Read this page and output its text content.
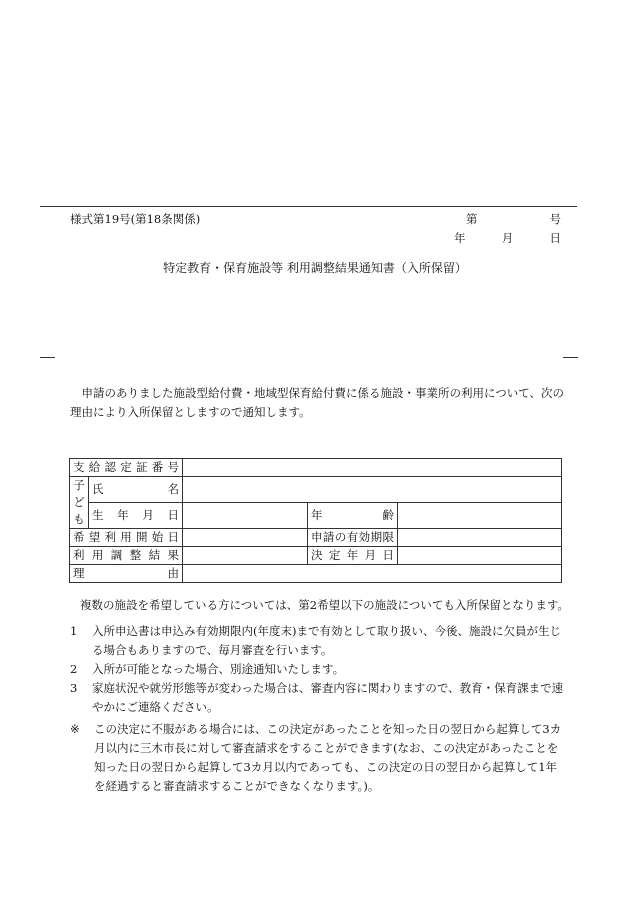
様式第19号(第18条関係)	第	号
年	月	日
特定教育・保育施設等 利用調整結果通知書（入所保留）

申請のありました施設型給付費・地域型保育給付費に係る施設・事業所の利用について、次の

理由により入所保留としますので通知します。

支給認定証番号				

子
ど
も	氏　　名			
	生　年　月　日		年　齢	
希望利用開始日			申請の有効期限	
利用調整結果			決定年月日	

理 由				

複数の施設を希望している方については、第2希望以下の施設についても入所保留となります。
1	入所申込書は申込み有効期限内(年度末)まで有効として取り扱い、今後、施設に欠員が生じる場合もありますので、毎月審査を行います。
2	入所が可能となった場合、別途通知いたします。
3	家庭状況や就労形態等が変わった場合は、審査内容に関わりますので、教育・保育課まで速やかにご連絡ください。
※	この決定に不服がある場合には、この決定があったことを知った日の翌日から起算して3カ月以内に三木市長に対して審査請求をすることができます(なお、この決定があったことを知った日の翌日から起算して3カ月以内であっても、この決定の日の翌日から起算して1年を経過すると審査請求することができなくなります。)。
